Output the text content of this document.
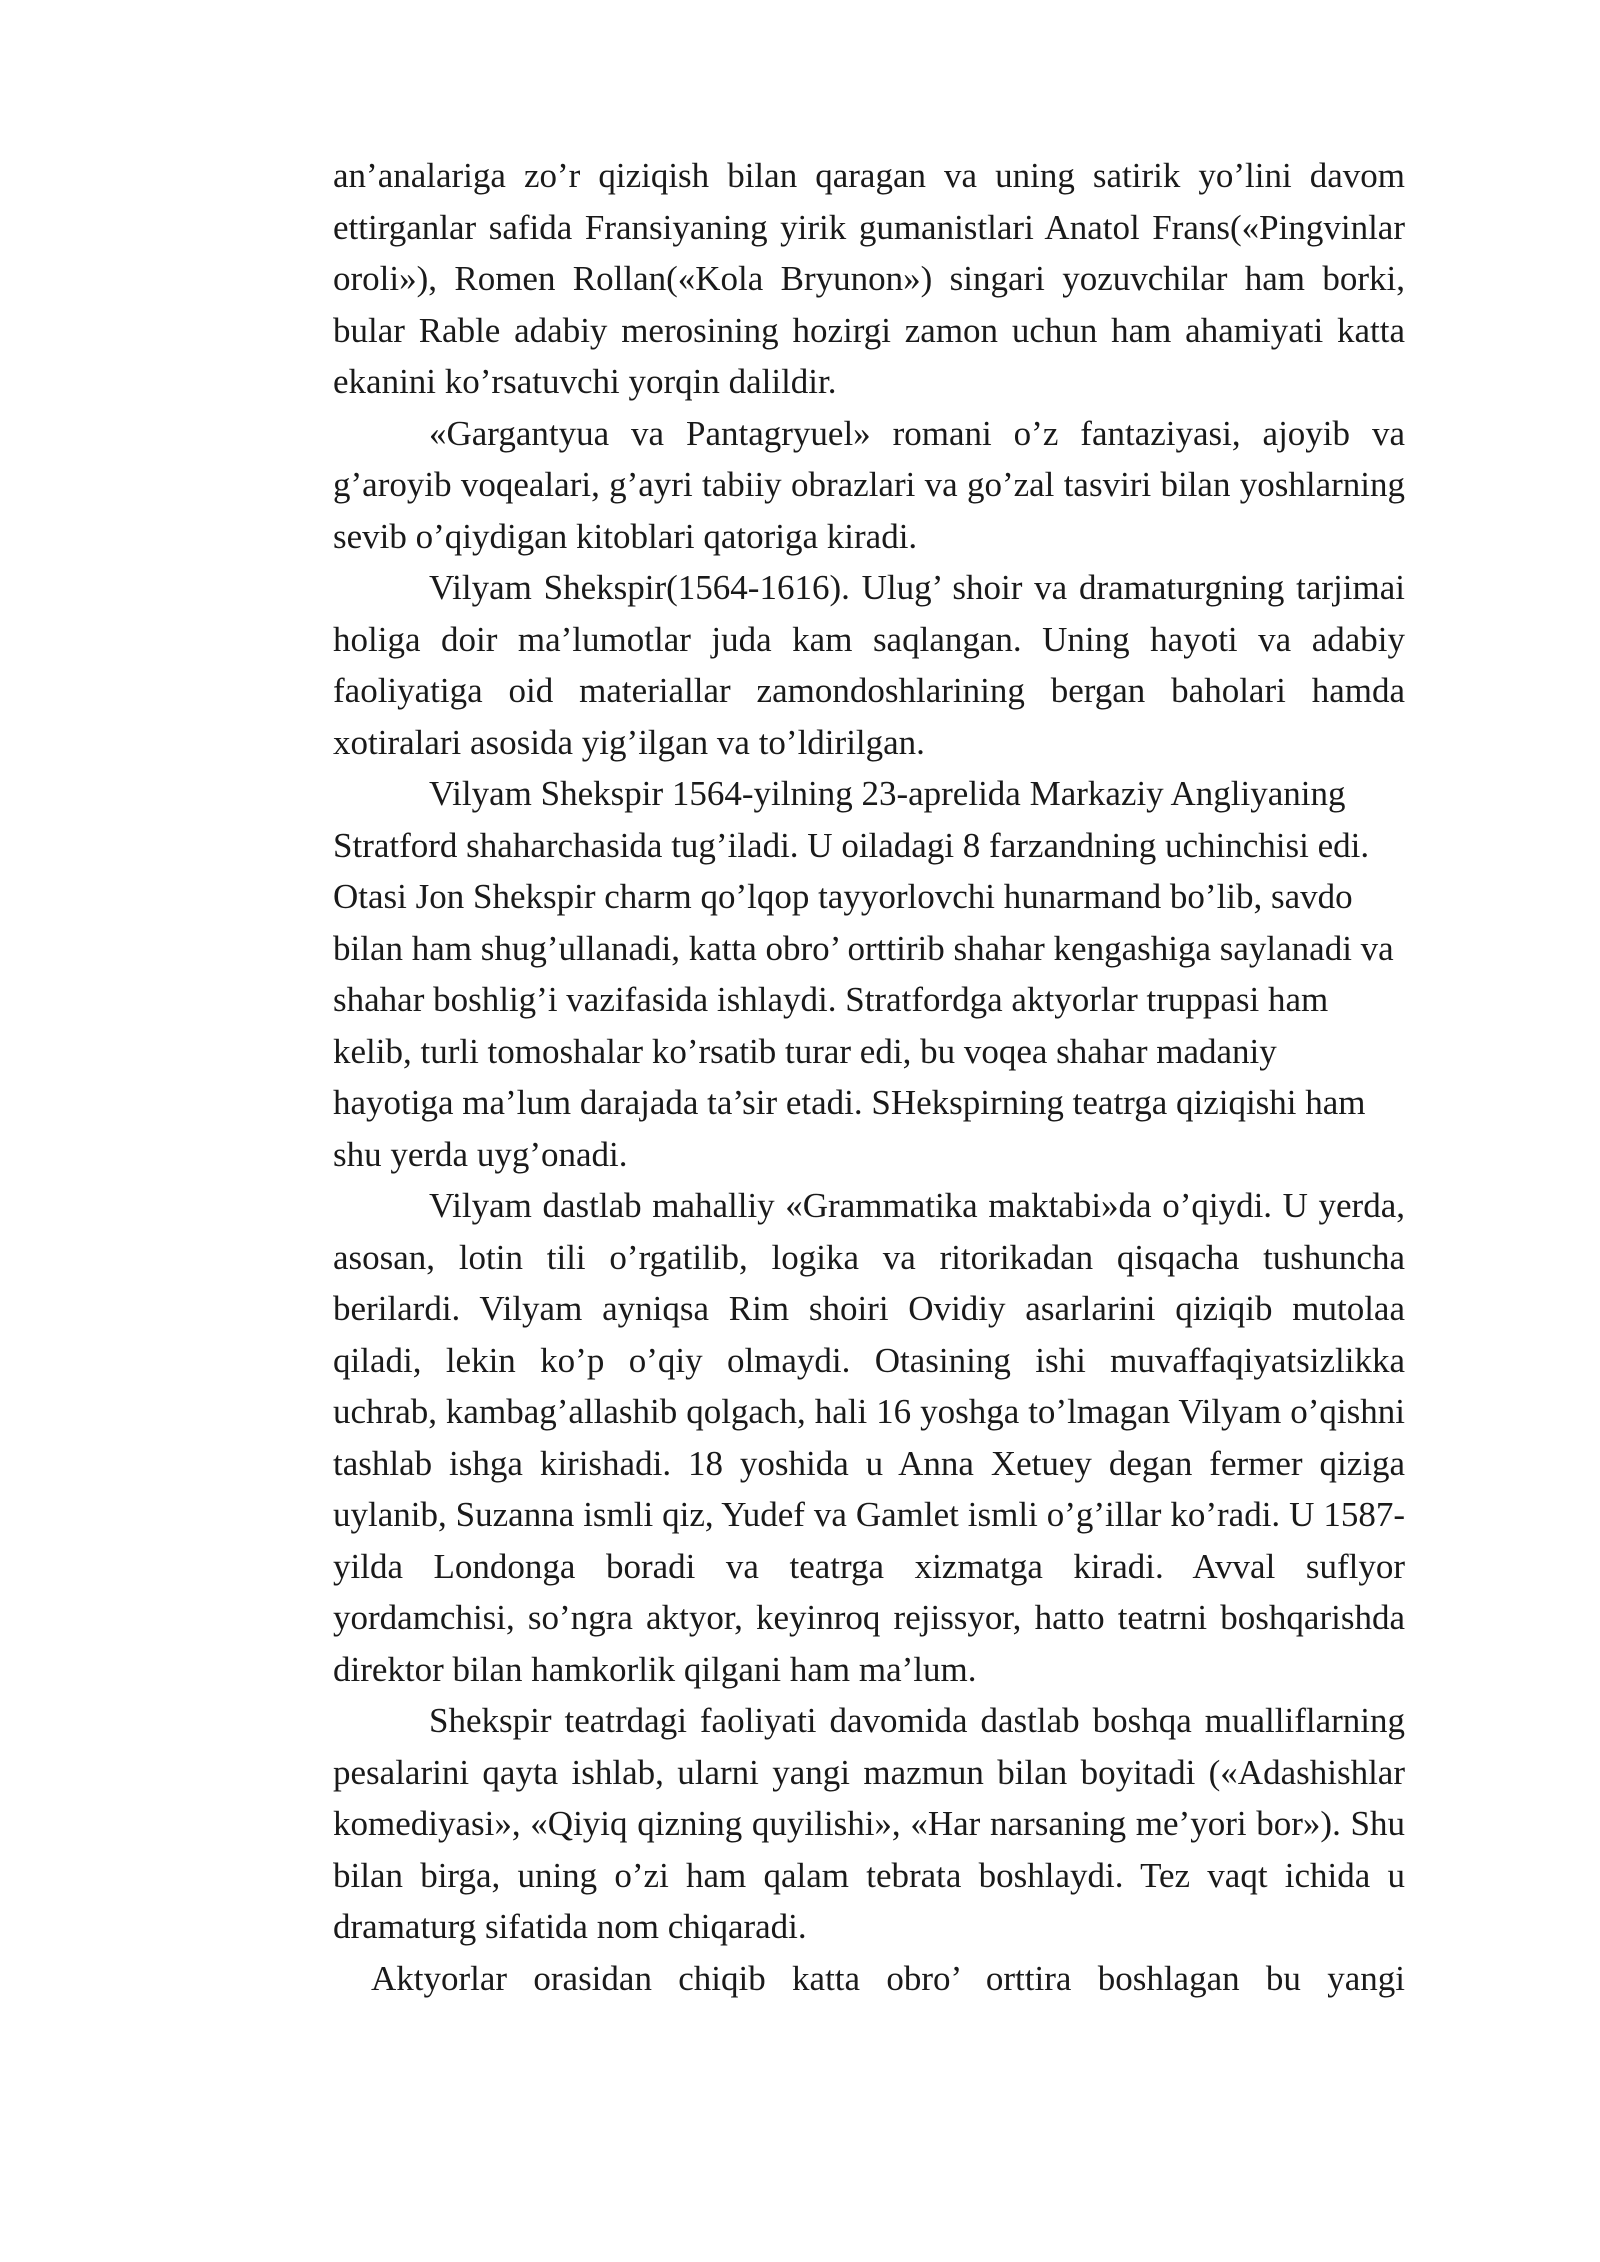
an’analariga zo’r qiziqish bilan qaragan va uning satirik yo’lini davom ettirganlar safida Fransiyaning yirik gumanistlari Anatol Frans(«Pingvinlar oroli»), Romen Rollan(«Kola Bryunon») singari yozuvchilar ham borki, bular Rable adabiy merosining hozirgi zamon uchun ham ahamiyati katta ekanini ko’rsatuvchi yorqin dalildir.

«Gargantyua va Pantagryuel» romani o’z fantaziyasi, ajoyib va g’aroyib voqealari, g’ayri tabiiy obrazlari va go’zal tasviri bilan yoshlarning sevib o’qiydigan kitoblari qatoriga kiradi.

Vilyam Shekspir(1564-1616). Ulug’ shoir va dramaturgning tarjimai holiga doir ma’lumotlar juda kam saqlangan. Uning hayoti va adabiy faoliyatiga oid materiallar zamondoshlarining bergan baholari hamda xotiralari asosida yig’ilgan va to’ldirilgan.

Vilyam Shekspir 1564-yilning 23-aprelida Markaziy Angliyaning Stratford shaharchasida tug’iladi. U oiladagi 8 farzandning uchinchisi edi. Otasi Jon Shekspir charm qo’lqop tayyorlovchi hunarmand bo’lib, savdo bilan ham shug’ullanadi, katta obro’ orttirib shahar kengashiga saylanadi va shahar boshlig’i vazifasida ishlaydi. Stratfordga aktyorlar truppasi ham kelib, turli tomoshalar ko’rsatib turar edi, bu voqea shahar madaniy hayotiga ma’lum darajada ta’sir etadi. SHekspirning teatrga qiziqishi ham shu yerda uyg’onadi.

Vilyam dastlab mahalliy «Grammatika maktabi»da o’qiydi. U yerda, asosan, lotin tili o’rgatilib, logika va ritorikadan qisqacha tushuncha berilardi. Vilyam ayniqsa Rim shoiri Ovidiy asarlarini qiziqib mutolaa qiladi, lekin ko’p o’qiy olmaydi. Otasining ishi muvaffaqiyatsizlikka uchrab, kambag’allashib qolgach, hali 16 yoshga to’lmagan Vilyam o’qishni tashlab ishga kirishadi. 18 yoshida u Anna Xetuey degan fermer qiziga uylanib, Suzanna ismli qiz, Yudef va Gamlet ismli o’g’illar ko’radi. U 1587-yilda Londonga boradi va teatrga xizmatga kiradi. Avval suflyor yordamchisi, so’ngra aktyor, keyinroq rejissyor, hatto teatrni boshqarishda direktor bilan hamkorlik qilgani ham ma’lum.

Shekspir teatrdagi faoliyati davomida dastlab boshqa mualliflarning pesalarini qayta ishlab, ularni yangi mazmun bilan boyitadi («Adashishlar komediyasi», «Qiyiq qizning quyilishi», «Har narsaning me’yori bor»). Shu bilan birga, uning o’zi ham qalam tebrata boshlaydi. Tez vaqt ichida u dramaturg sifatida nom chiqaradi.

Aktyorlar orasidan chiqib katta obro’ orttira boshlagan bu yangi
